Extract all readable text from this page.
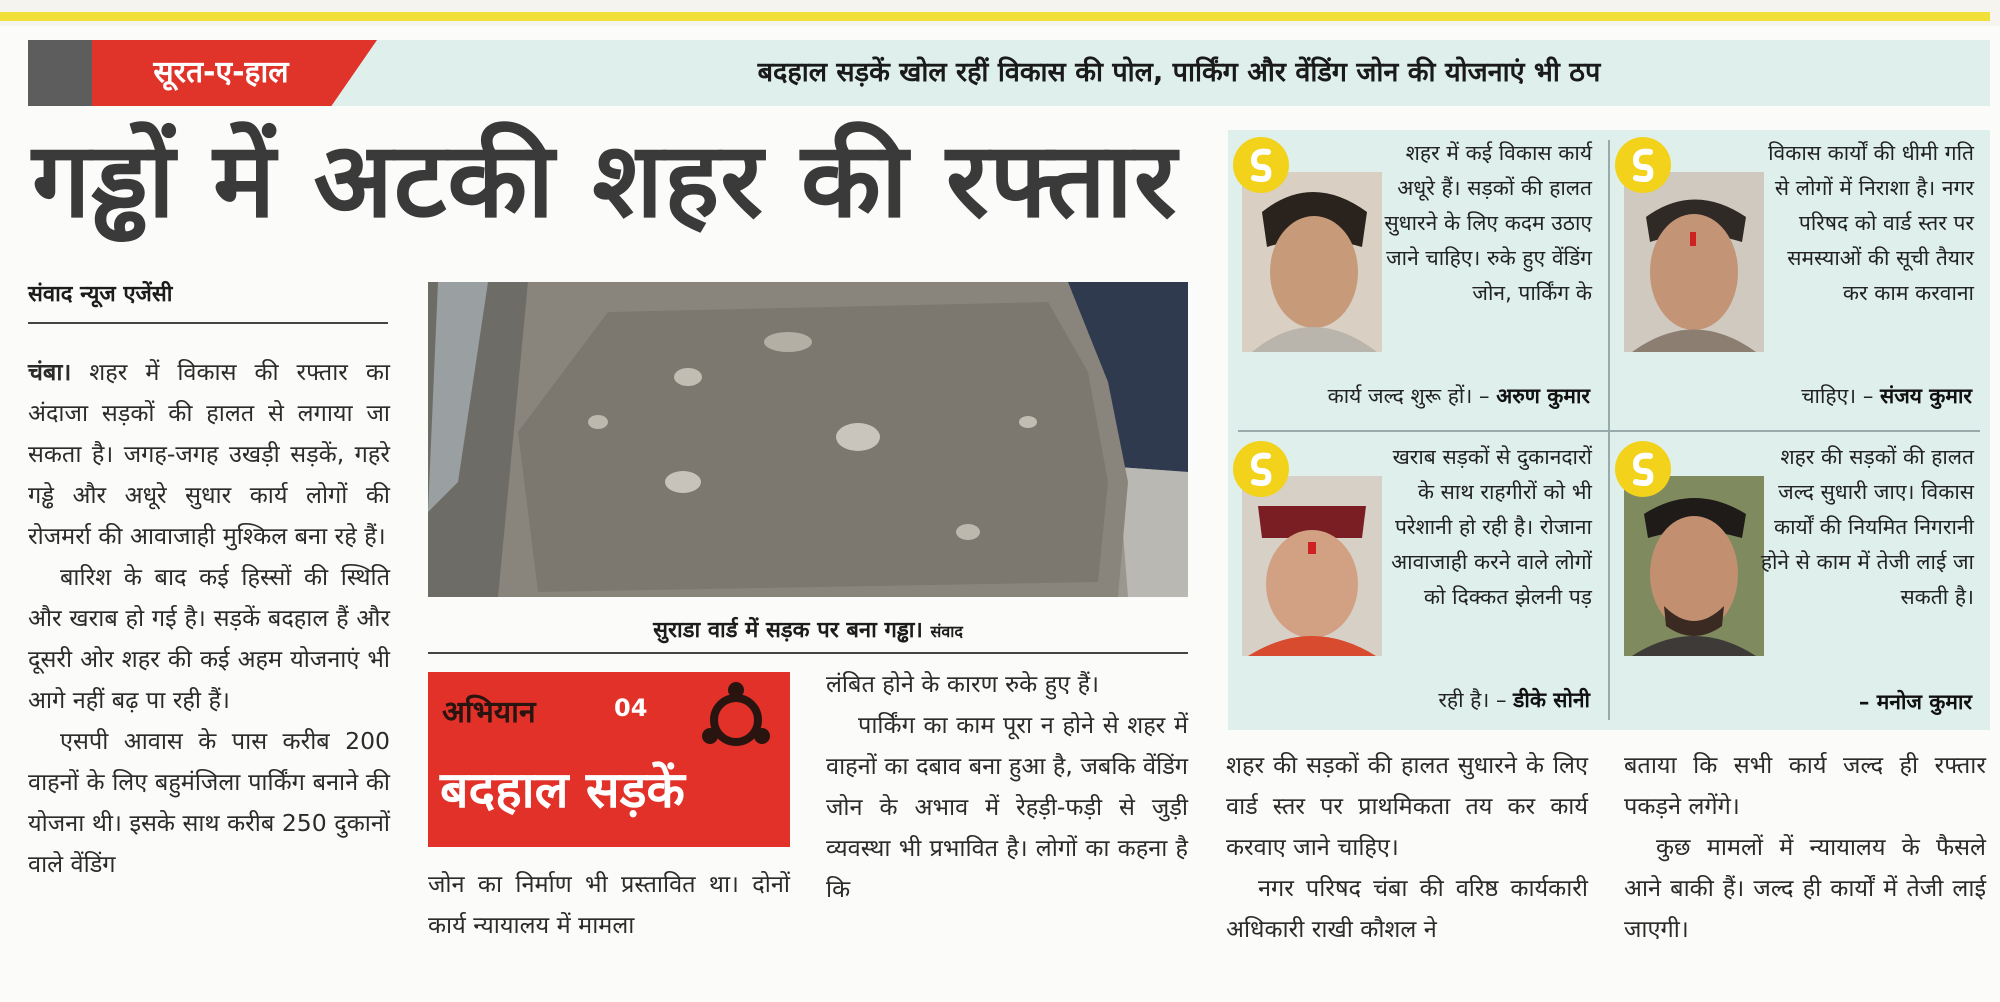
सूरत-ए-हाल	बदहाल सड़कें खोल रहीं विकास की पोल, पार्किंग और वेंडिंग जोन की योजनाएं भी ठप
गड्ढों में अटकी शहर की रफ्तार
संवाद न्यूज एजेंसी

चंबा। शहर में विकास की रफ्तार का अंदाजा सड़कों की हालत से लगाया जा सकता है। जगह-जगह उखड़ी सड़कें, गहरे गड्ढे और अधूरे सुधार कार्य लोगों की रोजमर्रा की आवाजाही मुश्किल बना रहे हैं।

बारिश के बाद कई हिस्सों की स्थिति और खराब हो गई है। सड़कें बदहाल हैं और दूसरी ओर शहर की कई अहम योजनाएं भी आगे नहीं बढ़ पा रही हैं।

एसपी आवास के पास करीब 200 वाहनों के लिए बहुमंजिला पार्किंग बनाने की योजना थी। इसके साथ करीब 250 दुकानों वाले वेंडिंग

सुराडा वार्ड में सड़क पर बना गड्ढा। संवाद
अभियान	04
बदहाल सड़कें

जोन का निर्माण भी प्रस्तावित था। दोनों कार्य न्यायालय में मामला

लंबित होने के कारण रुके हुए हैं।

पार्किंग का काम पूरा न होने से शहर में वाहनों का दबाव बना हुआ है, जबकि वेंडिंग जोन के अभाव में रेहड़ी-फड़ी से जुड़ी व्यवस्था भी प्रभावित है। लोगों का कहना है कि

शहर में कई विकास कार्य अधूरे हैं। सड़कों की हालत सुधारने के लिए कदम उठाए जाने चाहिए। रुके हुए वेंडिंग जोन, पार्किंग के
कार्य जल्द शुरू हों। – अरुण कुमार
विकास कार्यों की धीमी गति से लोगों में निराशा है। नगर परिषद को वार्ड स्तर पर समस्याओं की सूची तैयार कर काम करवाना
चाहिए। – संजय कुमार
खराब सड़कों से दुकानदारों के साथ राहगीरों को भी परेशानी हो रही है। रोजाना आवाजाही करने वाले लोगों को दिक्कत झेलनी पड़
रही है। – डीके सोनी
शहर की सड़कों की हालत जल्द सुधारी जाए। विकास कार्यों की नियमित निगरानी होने से काम में तेजी लाई जा सकती है।
– मनोज कुमार

शहर की सड़कों की हालत सुधारने के लिए वार्ड स्तर पर प्राथमिकता तय कर कार्य करवाए जाने चाहिए।

नगर परिषद चंबा की वरिष्ठ कार्यकारी अधिकारी राखी कौशल ने

बताया कि सभी कार्य जल्द ही रफ्तार पकड़ने लगेंगे।

कुछ मामलों में न्यायालय के फैसले आने बाकी हैं। जल्द ही कार्यों में तेजी लाई जाएगी।
